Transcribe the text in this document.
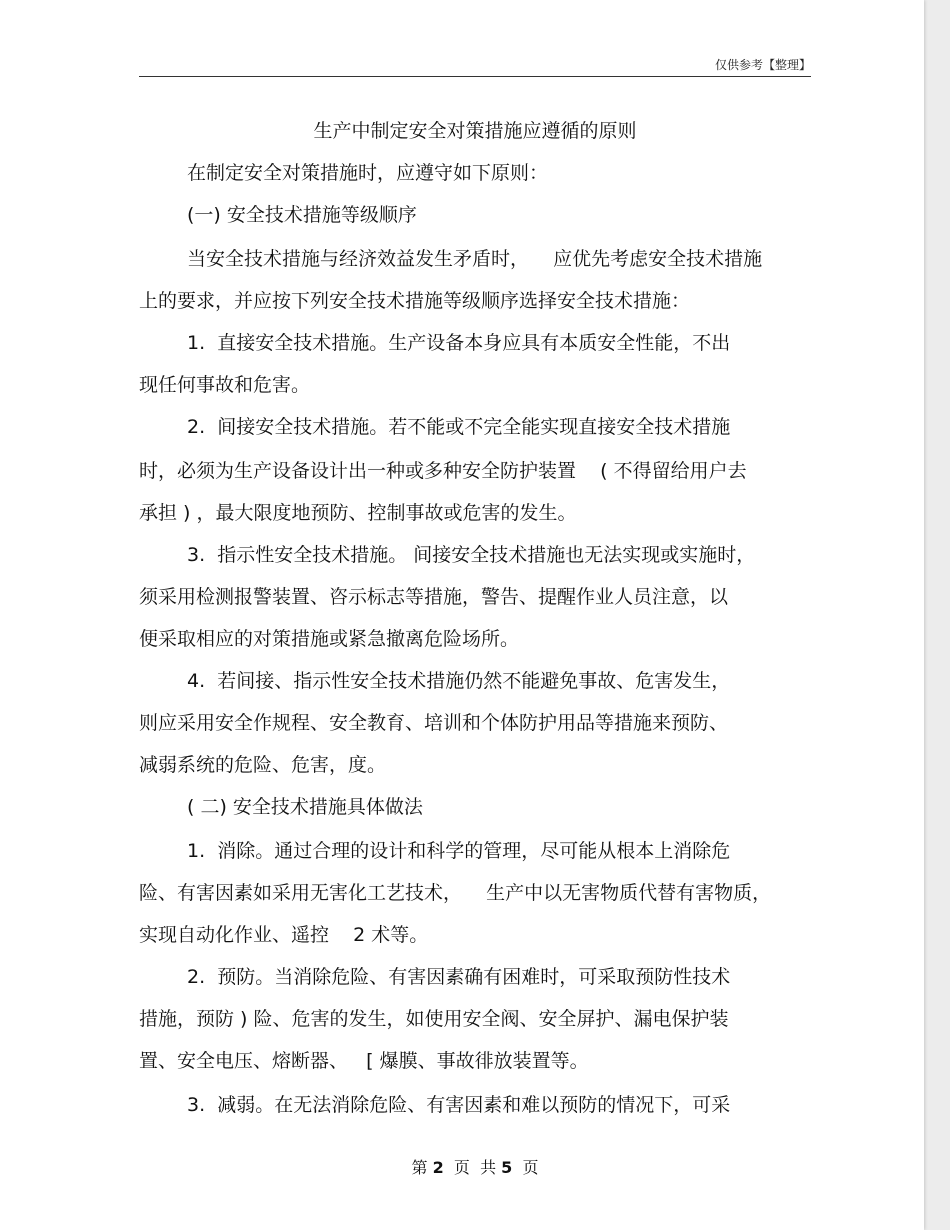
仅供参考【整理】
生产中制定安全对策措施应遵循的原则
在制定安全对策措施时，应遵守如下原则：
(一) 安全技术措施等级顺序
当安全技术措施与经济效益发生矛盾时，    应优先考虑安全技术措施
上的要求，并应按下列安全技术措施等级顺序选择安全技术措施：
1.  直接安全技术措施。生产设备本身应具有本质安全性能，不出
现任何事故和危害。
2.  间接安全技术措施。若不能或不完全能实现直接安全技术措施
时，必须为生产设备设计出一种或多种安全防护装置    ( 不得留给用户去
承担 ) ，最大限度地预防、控制事故或危害的发生。
3.  指示性安全技术措施。 间接安全技术措施也无法实现或实施时，
须采用检测报警装置、咨示标志等措施，警告、提醒作业人员注意，以
便采取相应的对策措施或紧急撤离危险场所。
4.  若间接、指示性安全技术措施仍然不能避免事故、危害发生，
则应采用安全作规程、安全教育、培训和个体防护用品等措施来预防、
减弱系统的危险、危害，度。
( 二) 安全技术措施具体做法
1.  消除。通过合理的设计和科学的管理，尽可能从根本上消除危
险、有害因素如采用无害化工艺技术，    生产中以无害物质代替有害物质，
实现自动化作业、遥控    2 术等。
2.  预防。当消除危险、有害因素确有困难时，可采取预防性技术
措施，预防 ) 险、危害的发生，如使用安全阀、安全屏护、漏电保护装
置、安全电压、熔断器、   [ 爆膜、事故徘放装置等。
3.  减弱。在无法消除危险、有害因素和难以预防的情况下，可采
第 2  页  共 5  页
